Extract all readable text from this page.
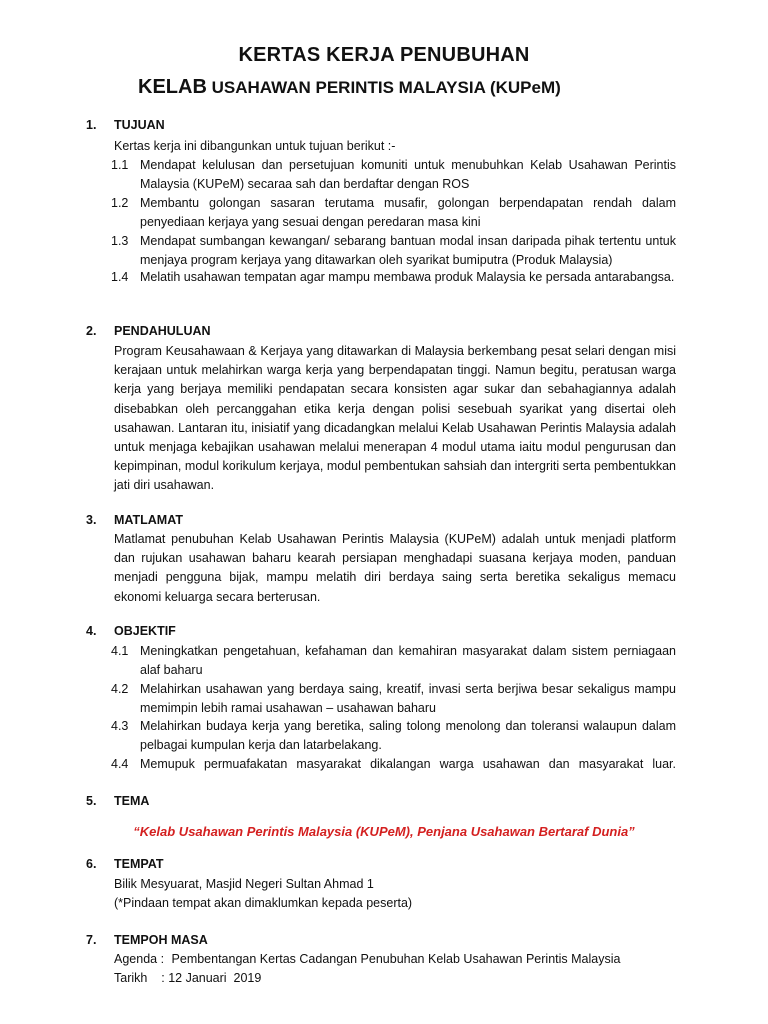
KERTAS KERJA PENUBUHAN
KELAB USAHAWAN PERINTIS MALAYSIA (KUPeM)
1. TUJUAN
Kertas kerja ini dibangunkan untuk tujuan berikut :-
1.1 Mendapat kelulusan dan persetujuan komuniti untuk menubuhkan Kelab Usahawan Perintis Malaysia (KUPeM) secaraa sah dan berdaftar dengan ROS
1.2 Membantu golongan sasaran terutama musafir, golongan berpendapatan rendah dalam penyediaan kerjaya yang sesuai dengan peredaran masa kini
1.3 Mendapat sumbangan kewangan/ sebarang bantuan modal insan daripada pihak tertentu untuk menjaya program kerjaya yang ditawarkan oleh syarikat bumiputra (Produk Malaysia)
1.4 Melatih usahawan tempatan agar mampu membawa produk Malaysia ke persada antarabangsa.
2. PENDAHULUAN
Program Keusahawaan & Kerjaya yang ditawarkan di Malaysia berkembang pesat selari dengan misi kerajaan untuk melahirkan warga kerja yang berpendapatan tinggi. Namun begitu, peratusan warga kerja yang berjaya memiliki pendapatan secara konsisten agar sukar dan sebahagiannya adalah disebabkan oleh percanggahan etika kerja dengan polisi sesebuah syarikat yang disertai oleh usahawan. Lantaran itu, inisiatif yang dicadangkan melalui Kelab Usahawan Perintis Malaysia adalah untuk menjaga kebajikan usahawan melalui menerapan 4 modul utama iaitu modul pengurusan dan kepimpinan, modul korikulum kerjaya, modul pembentukan sahsiah dan intergriti serta pembentukkan jati diri usahawan.
3. MATLAMAT
Matlamat penubuhan Kelab Usahawan Perintis Malaysia (KUPeM) adalah untuk menjadi platform dan rujukan usahawan baharu kearah persiapan menghadapi suasana kerjaya moden, panduan menjadi pengguna bijak, mampu melatih diri berdaya saing serta beretika sekaligus memacu ekonomi keluarga secara berterusan.
4. OBJEKTIF
4.1 Meningkatkan pengetahuan, kefahaman dan kemahiran masyarakat dalam sistem perniagaan alaf baharu
4.2 Melahirkan usahawan yang berdaya saing, kreatif, invasi serta berjiwa besar sekaligus mampu memimpin lebih ramai usahawan – usahawan baharu
4.3 Melahirkan budaya kerja yang beretika, saling tolong menolong dan toleransi walaupun dalam pelbagai kumpulan kerja dan latarbelakang.
4.4 Memupuk permuafakatan masyarakat dikalangan warga usahawan dan masyarakat luar.
5. TEMA
“Kelab Usahawan Perintis Malaysia (KUPeM), Penjana Usahawan Bertaraf Dunia”
6. TEMPAT
Bilik Mesyuarat, Masjid Negeri Sultan Ahmad 1
(*Pindaan tempat akan dimaklumkan kepada peserta)
7. TEMPOH MASA
Agenda : Pembentangan Kertas Cadangan Penubuhan Kelab Usahawan Perintis Malaysia
Tarikh    : 12 Januari  2019
